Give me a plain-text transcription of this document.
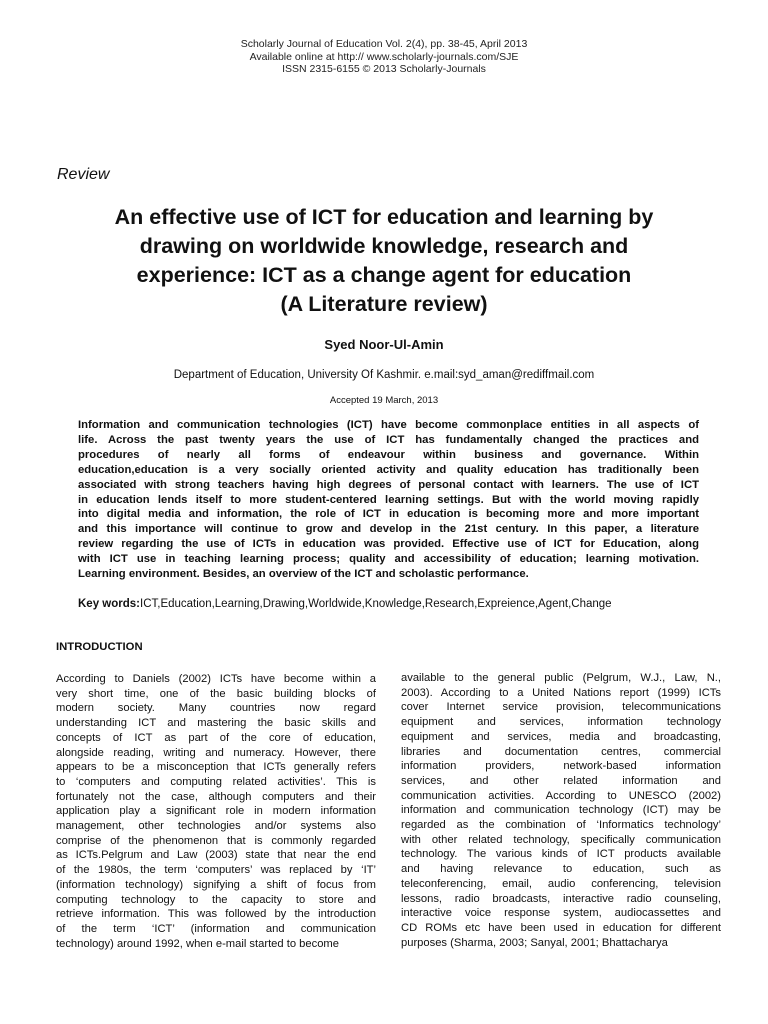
Scholarly Journal of Education Vol. 2(4), pp. 38-45, April 2013
Available online at http:// www.scholarly-journals.com/SJE
ISSN 2315-6155 © 2013 Scholarly-Journals
Review
An effective use of ICT for education and learning by
drawing on worldwide knowledge, research and
experience: ICT as a change agent for education
(A Literature review)
Syed Noor-Ul-Amin
Department of Education, University Of Kashmir. e.mail:syd_aman@rediffmail.com
Accepted 19 March, 2013
Information and communication technologies (ICT) have become commonplace entities in all aspects of
life. Across the past twenty years the use of ICT has fundamentally changed the practices and
procedures of nearly all forms of endeavour within business and governance. Within
education,education is a very socially oriented activity and quality education has traditionally been
associated with strong teachers having high degrees of personal contact with learners. The use of ICT
in education lends itself to more student-centered learning settings. But with the world moving rapidly
into digital media and information, the role of ICT in education is becoming more and more important
and this importance will continue to grow and develop in the 21st century. In this paper, a literature
review regarding the use of ICTs in education was provided. Effective use of ICT for Education, along
with ICT use in teaching learning process; quality and accessibility of education; learning motivation.
Learning environment. Besides, an overview of the ICT and scholastic performance.
Key words:ICT,Education,Learning,Drawing,Worldwide,Knowledge,Research,Expreience,Agent,Change
INTRODUCTION
According to Daniels (2002) ICTs have become within a
very short time, one of the basic building blocks of
modern society. Many countries now regard
understanding ICT and mastering the basic skills and
concepts of ICT as part of the core of education,
alongside reading, writing and numeracy. However, there
appears to be a misconception that ICTs generally refers
to ‘computers and computing related activities’. This is
fortunately not the case, although computers and their
application play a significant role in modern information
management, other technologies and/or systems also
comprise of the phenomenon that is commonly regarded
as ICTs.Pelgrum and Law (2003) state that near the end
of the 1980s, the term ‘computers’ was replaced by ‘IT’
(information technology) signifying a shift of focus from
computing technology to the capacity to store and
retrieve information. This was followed by the introduction
of the term ‘ICT’ (information and communication
technology) around 1992, when e-mail started to become
available to the general public (Pelgrum, W.J., Law, N.,
2003). According to a United Nations report (1999) ICTs
cover Internet service provision, telecommunications
equipment and services, information technology
equipment and services, media and broadcasting,
libraries and documentation centres, commercial
information providers, network-based information
services, and other related information and
communication activities. According to UNESCO (2002)
information and communication technology (ICT) may be
regarded as the combination of ‘Informatics technology’
with other related technology, specifically communication
technology. The various kinds of ICT products available
and having relevance to education, such as
teleconferencing, email, audio conferencing, television
lessons, radio broadcasts, interactive radio counseling,
interactive voice response system, audiocassettes and
CD ROMs etc have been used in education for different
purposes (Sharma, 2003; Sanyal, 2001; Bhattacharya
